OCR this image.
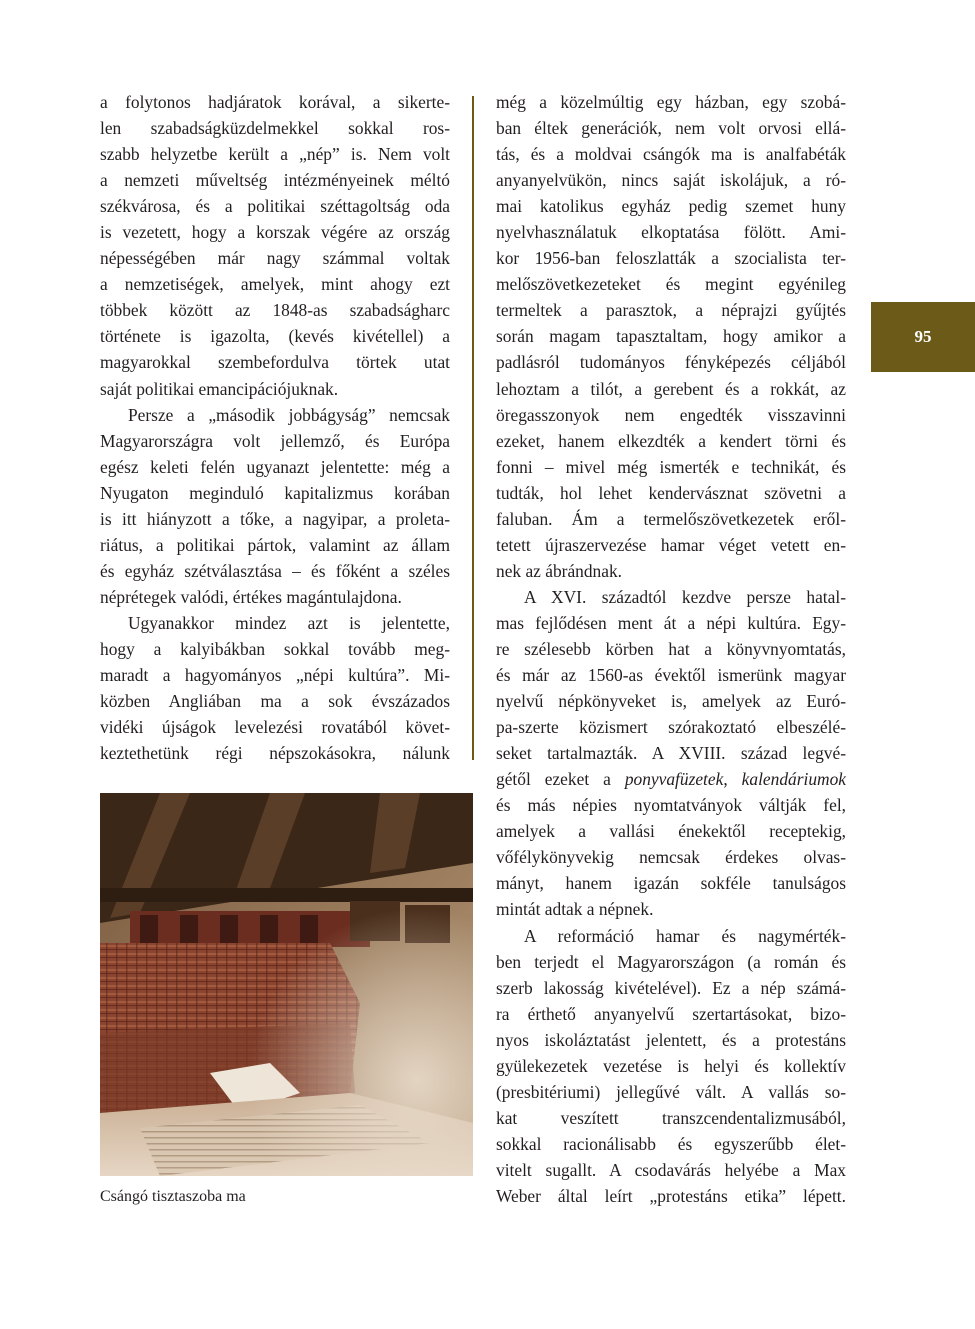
95
a folytonos hadjáratok korával, a sikerte-
len szabadságküzdelmekkel sokkal ros-
szabb helyzetbe került a „nép” is. Nem volt
a nemzeti műveltség intézményeinek méltó
székvárosa, és a politikai széttagoltság oda
is vezetett, hogy a korszak végére az ország
népességében már nagy számmal voltak
a nemzetiségek, amelyek, mint ahogy ezt
többek között az 1848-as szabadságharc
története is igazolta, (kevés kivétellel) a
magyarokkal szembefordulva törtek utat
saját politikai emancipációjuknak.
Persze a „második jobbágyság” nemcsak
Magyarországra volt jellemző, és Európa
egész keleti felén ugyanazt jelentette: még a
Nyugaton meginduló kapitalizmus korában
is itt hiányzott a tőke, a nagyipar, a proleta-
riátus, a politikai pártok, valamint az állam
és egyház szétválasztása – és főként a széles
néprétegek valódi, értékes magántulajdona.
Ugyanakkor mindez azt is jelentette,
hogy a kalyibákban sokkal tovább meg-
maradt a hagyományos „népi kultúra”. Mi-
közben Angliában ma a sok évszázados
vidéki újságok levelezési rovatából követ-
keztethetünk régi népszokásokra, nálunk
még a közelmúltig egy házban, egy szobá-
ban éltek generációk, nem volt orvosi ellá-
tás, és a moldvai csángók ma is analfabéták
anyanyelvükön, nincs saját iskolájuk, a ró-
mai katolikus egyház pedig szemet huny
nyelvhasználatuk elkoptatása fölött. Ami-
kor 1956-ban feloszlatták a szocialista ter-
melőszövetkezeteket és megint egyénileg
termeltek a parasztok, a néprajzi gyűjtés
során magam tapasztaltam, hogy amikor a
padlásról tudományos fényképezés céljából
lehoztam a tilót, a gerebent és a rokkát, az
öregasszonyok nem engedték visszavinni
ezeket, hanem elkezdték a kendert törni és
fonni – mivel még ismerték e technikát, és
tudták, hol lehet kendervásznat szövetni a
faluban. Ám a termelőszövetkezetek eről-
tetett újraszervezése hamar véget vetett en-
nek az ábrándnak.
A XVI. századtól kezdve persze hatal-
mas fejlődésen ment át a népi kultúra. Egy-
re szélesebb körben hat a könyvnyomtatás,
és már az 1560-as évektől ismerünk magyar
nyelvű népkönyveket is, amelyek az Euró-
pa-szerte közismert szórakoztató elbeszélé-
seket tartalmazták. A XVIII. század legvé-
gétől ezeket a ponyvafüzetek, kalendáriumok
és más népies nyomtatványok váltják fel,
amelyek a vallási énekektől receptekig,
vőfélykönyvekig nemcsak érdekes olvas-
mányt, hanem igazán sokféle tanulságos
mintát adtak a népnek.
A reformáció hamar és nagymérték-
ben terjedt el Magyarországon (a román és
szerb lakosság kivételével). Ez a nép számá-
ra érthető anyanyelvű szertartásokat, bizo-
nyos iskoláztatást jelentett, és a protestáns
gyülekezetek vezetése is helyi és kollektív
(presbitériumi) jellegűvé vált. A vallás so-
kat veszített transzcendentalizmusából,
sokkal racionálisabb és egyszerűbb élet-
vitelt sugallt. A csodavárás helyébe a Max
Weber által leírt „protestáns etika” lépett.
Csángó tisztaszoba ma
